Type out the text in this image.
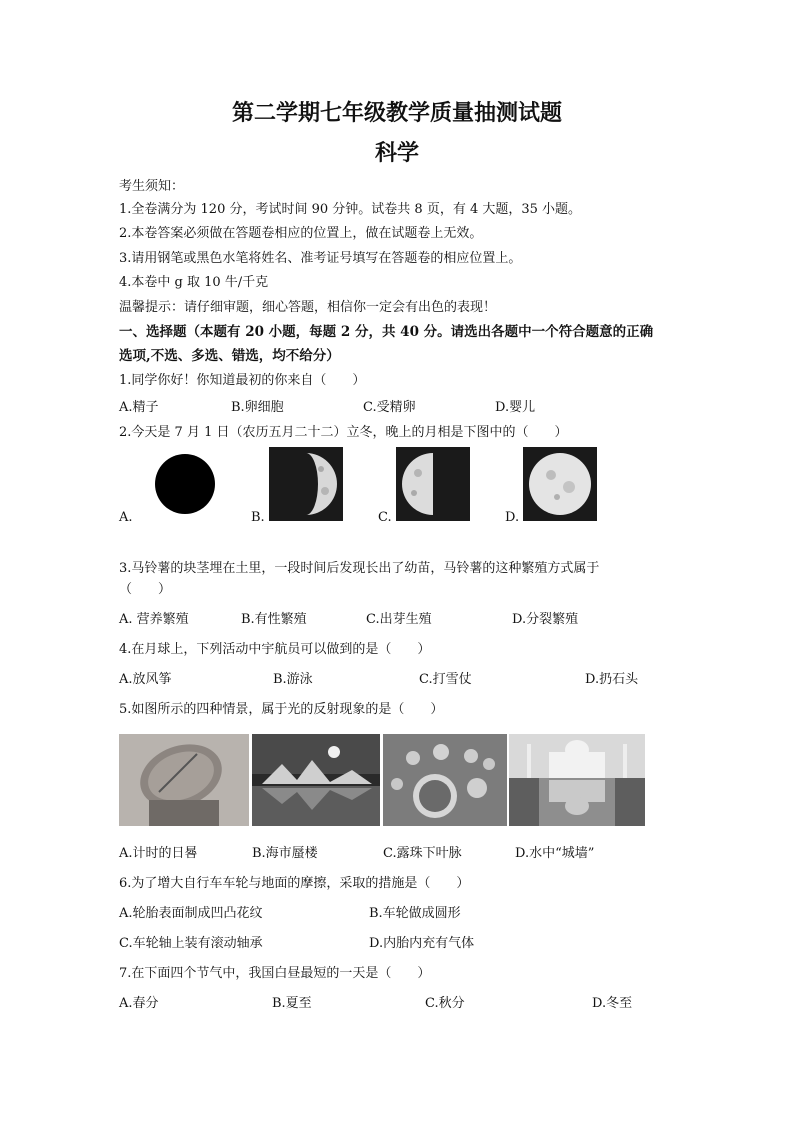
第二学期七年级教学质量抽测试题
科学
考生须知：
1.全卷满分为 120 分，考试时间 90 分钟。试卷共 8 页，有 4 大题，35 小题。
2.本卷答案必须做在答题卷相应的位置上，做在试题卷上无效。
3.请用钢笔或黑色水笔将姓名、准考证号填写在答题卷的相应位置上。
4.本卷中 g 取 10 牛/千克
温馨提示：请仔细审题，细心答题，相信你一定会有出色的表现！
一、选择题（本题有 20 小题，每题 2 分，共 40 分。请选出各题中一个符合题意的正确
选项,不选、多选、错选，均不给分）
1.同学你好！你知道最初的你来自（　　）
A.精子	B.卵细胞	C.受精卵	D.婴儿
2.今天是 7 月 1 日（农历五月二十二）立冬，晚上的月相是下图中的（　　）
A.	B.	C.	D.
3.马铃薯的块茎埋在土里，一段时间后发现长出了幼苗，马铃薯的这种繁殖方式属于
（　　）
A. 营养繁殖	B.有性繁殖	C.出芽生殖	D.分裂繁殖
4.在月球上，下列活动中宇航员可以做到的是（　　）
A.放风筝	B.游泳	C.打雪仗	D.扔石头
5.如图所示的四种情景，属于光的反射现象的是（　　）
A.计时的日晷	B.海市蜃楼	C.露珠下叶脉	D.水中“城墙”
6.为了增大自行车车轮与地面的摩擦，采取的措施是（　　）
A.轮胎表面制成凹凸花纹	B.车轮做成圆形
C.车轮轴上装有滚动轴承	D.内胎内充有气体
7.在下面四个节气中，我国白昼最短的一天是（　　）
A.春分	B.夏至	C.秋分	D.冬至
